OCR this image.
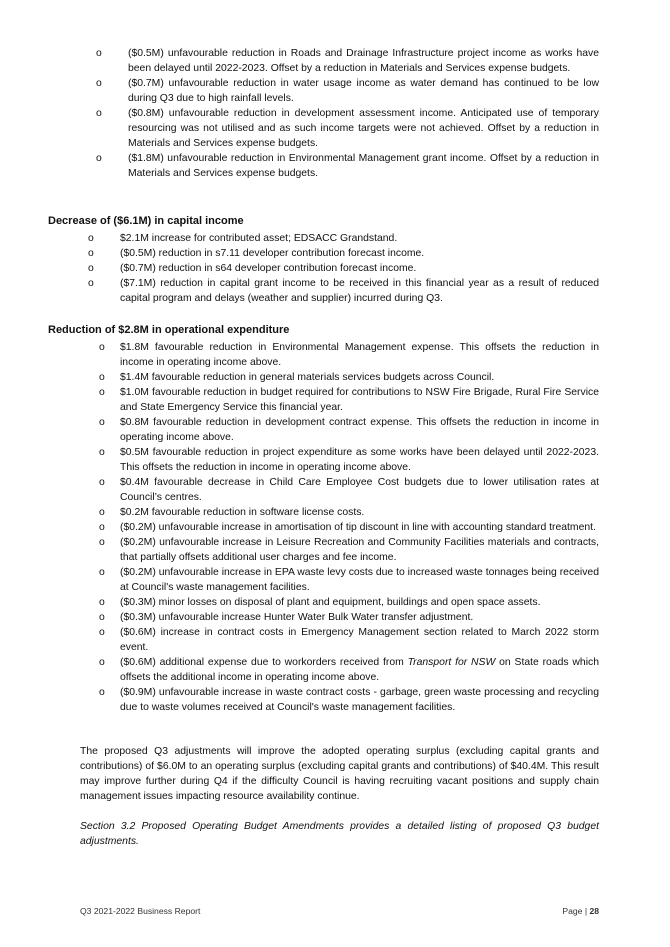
o	($0.5M) unfavourable reduction in Roads and Drainage Infrastructure project income as works have been delayed until 2022-2023. Offset by a reduction in Materials and Services expense budgets.
o	($0.7M) unfavourable reduction in water usage income as water demand has continued to be low during Q3 due to high rainfall levels.
o	($0.8M) unfavourable reduction in development assessment income. Anticipated use of temporary resourcing was not utilised and as such income targets were not achieved. Offset by a reduction in Materials and Services expense budgets.
o	($1.8M) unfavourable reduction in Environmental Management grant income. Offset by a reduction in Materials and Services expense budgets.
Decrease of ($6.1M) in capital income
o	$2.1M increase for contributed asset; EDSACC Grandstand.
o	($0.5M) reduction in s7.11 developer contribution forecast income.
o	($0.7M) reduction in s64 developer contribution forecast income.
o	($7.1M) reduction in capital grant income to be received in this financial year as a result of reduced capital program and delays (weather and supplier) incurred during Q3.
Reduction of $2.8M in operational expenditure
o $1.8M favourable reduction in Environmental Management expense. This offsets the reduction in income in operating income above.
o $1.4M favourable reduction in general materials services budgets across Council.
o $1.0M favourable reduction in budget required for contributions to NSW Fire Brigade, Rural Fire Service and State Emergency Service this financial year.
o $0.8M favourable reduction in development contract expense. This offsets the reduction in income in operating income above.
o $0.5M favourable reduction in project expenditure as some works have been delayed until 2022-2023. This offsets the reduction in income in operating income above.
o $0.4M favourable decrease in Child Care Employee Cost budgets due to lower utilisation rates at Council’s centres.
o $0.2M favourable reduction in software license costs.
o ($0.2M) unfavourable increase in amortisation of tip discount in line with accounting standard treatment.
o ($0.2M) unfavourable increase in Leisure Recreation and Community Facilities materials and contracts, that partially offsets additional user charges and fee income.
o ($0.2M) unfavourable increase in EPA waste levy costs due to increased waste tonnages being received at Council's waste management facilities.
o ($0.3M) minor losses on disposal of plant and equipment, buildings and open space assets.
o ($0.3M) unfavourable increase Hunter Water Bulk Water transfer adjustment.
o ($0.6M) increase in contract costs in Emergency Management section related to March 2022 storm event.
o ($0.6M) additional expense due to workorders received from Transport for NSW on State roads which offsets the additional income in operating income above.
o ($0.9M) unfavourable increase in waste contract costs - garbage, green waste processing and recycling due to waste volumes received at Council's waste management facilities.
The proposed Q3 adjustments will improve the adopted operating surplus (excluding capital grants and contributions) of $6.0M to an operating surplus (excluding capital grants and contributions) of $40.4M. This result may improve further during Q4 if the difficulty Council is having recruiting vacant positions and supply chain management issues impacting resource availability continue.
Section 3.2 Proposed Operating Budget Amendments provides a detailed listing of proposed Q3 budget adjustments.
Q3 2021-2022 Business Report	Page | 28
